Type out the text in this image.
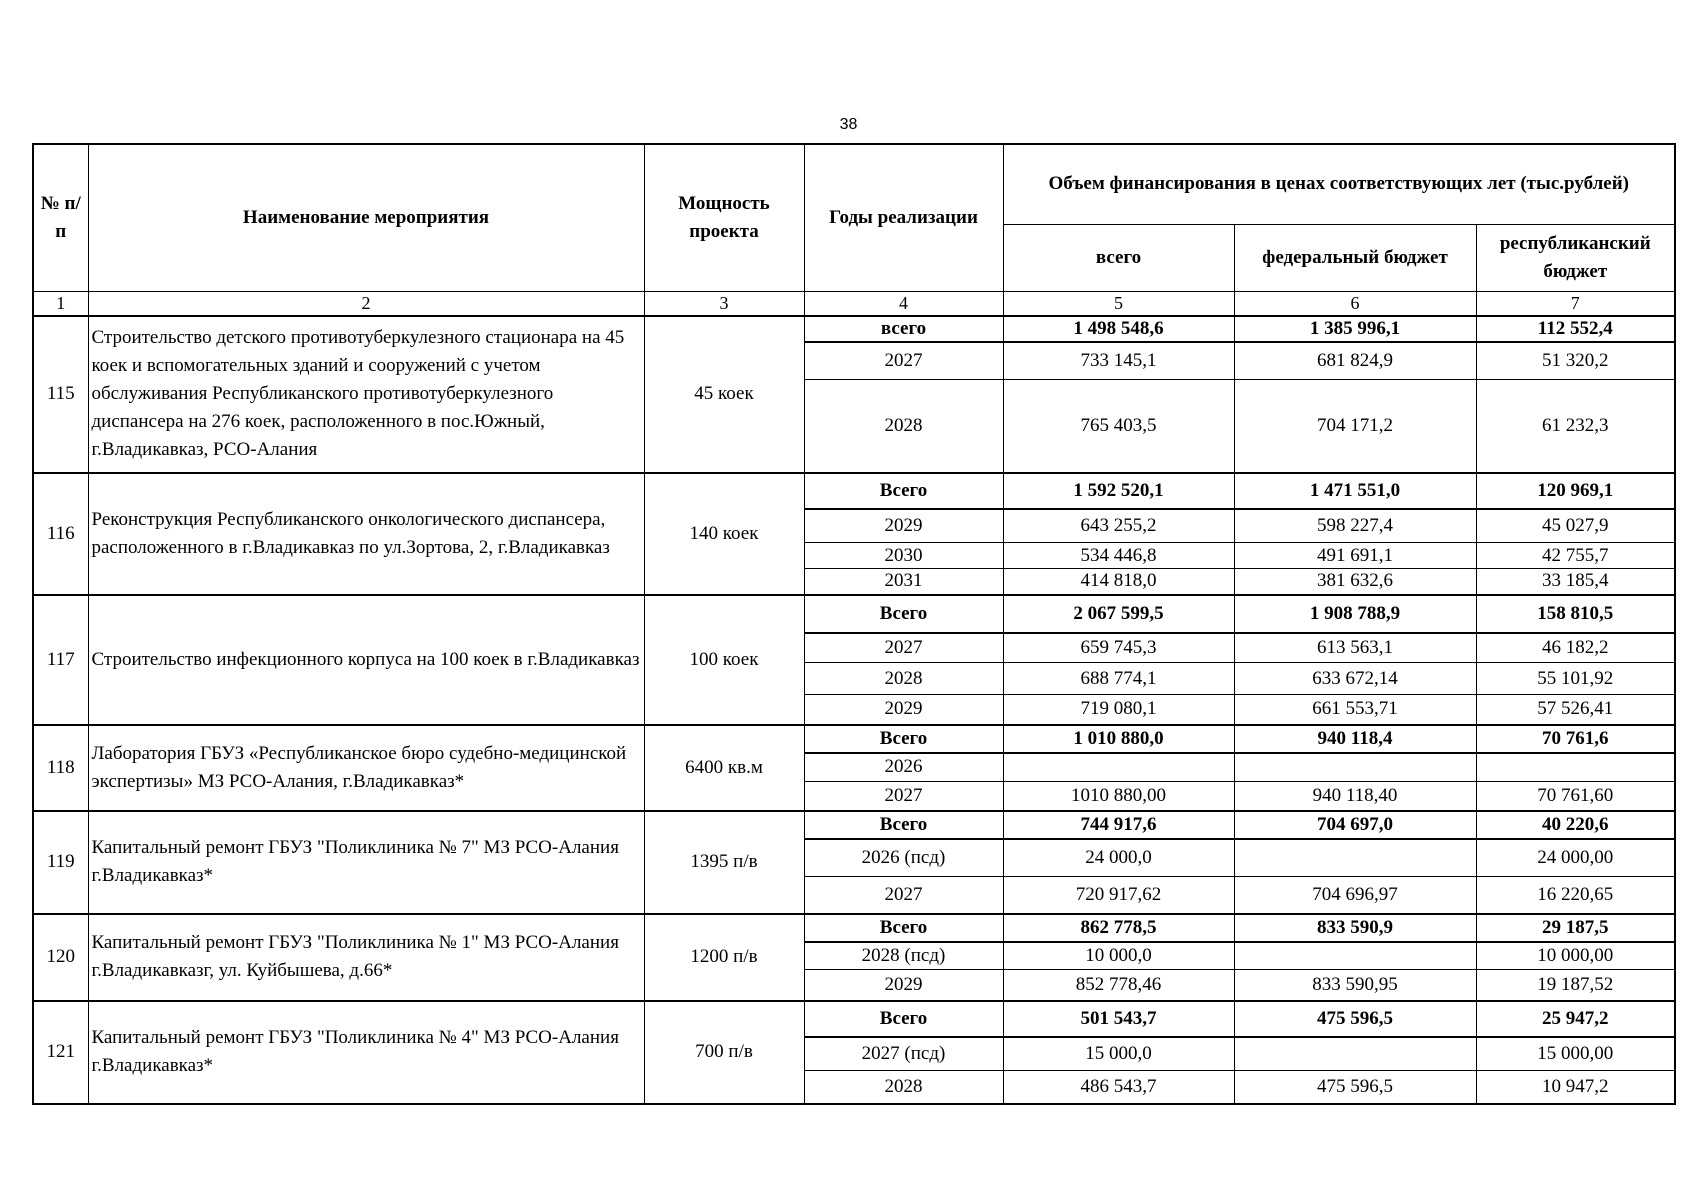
38
№ п/п	Наименование мероприятия	Мощность проекта	Годы реализации	Объем финансирования в ценах соответствующих лет (тыс.рублей)		
				всего	федеральный бюджет	республиканский бюджет
1	2	3	4	5	6	7
115	Строительство детского противотуберкулезного стационара на 45 коек и вспомогательных зданий и сооружений с учетом обслуживания Республиканского противотуберкулезного диспансера на 276 коек, расположенного в пос.Южный, г.Владикавказ, РСО-Алания	45 коек	всего	1 498 548,6	1 385 996,1	112 552,4
			2027	733 145,1	681 824,9	51 320,2
			2028	765 403,5	704 171,2	61 232,3
116	Реконструкция Республиканского онкологического диспансера, расположенного в г.Владикавказ по ул.Зортова, 2, г.Владикавказ	140 коек	Всего	1 592 520,1	1 471 551,0	120 969,1
			2029	643 255,2	598 227,4	45 027,9
			2030	534 446,8	491 691,1	42 755,7
			2031	414 818,0	381 632,6	33 185,4
117	Строительство инфекционного корпуса на 100 коек в г.Владикавказ	100 коек	Всего	2 067 599,5	1 908 788,9	158 810,5
			2027	659 745,3	613 563,1	46 182,2
			2028	688 774,1	633 672,14	55 101,92
			2029	719 080,1	661 553,71	57 526,41
118	Лаборатория ГБУЗ «Республиканское бюро судебно-медицинской экспертизы» МЗ РСО-Алания, г.Владикавказ*	6400 кв.м	Всего	1 010 880,0	940 118,4	70 761,6
			2026			
			2027	1010 880,00	940 118,40	70 761,60
119	Капитальный ремонт ГБУЗ "Поликлиника № 7" МЗ РСО-Алания г.Владикавказ*	1395 п/в	Всего	744 917,6	704 697,0	40 220,6
			2026 (псд)	24 000,0		24 000,00
			2027	720 917,62	704 696,97	16 220,65
120	Капитальный ремонт ГБУЗ "Поликлиника № 1" МЗ РСО-Алания г.Владикавказг, ул. Куйбышева, д.66*	1200 п/в	Всего	862 778,5	833 590,9	29 187,5
			2028 (псд)	10 000,0		10 000,00
			2029	852 778,46	833 590,95	19 187,52
121	Капитальный ремонт ГБУЗ "Поликлиника № 4" МЗ РСО-Алания г.Владикавказ*	700 п/в	Всего	501 543,7	475 596,5	25 947,2
			2027 (псд)	15 000,0		15 000,00
			2028	486 543,7	475 596,5	10 947,2
